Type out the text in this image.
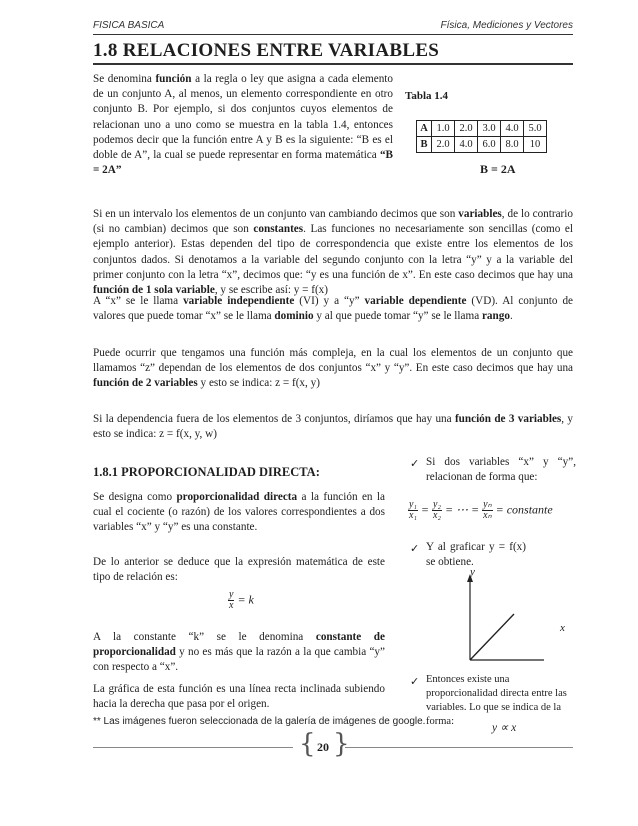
FISICA BASICA	Física, Mediciones y Vectores
1.8 RELACIONES ENTRE VARIABLES
Se denomina función a la regla o ley que asigna a cada elemento de un conjunto A, al menos, un elemento correspondiente en otro conjunto B. Por ejemplo, si dos conjuntos cuyos elementos de relacionan uno a uno como se muestra en la tabla 1.4, entonces podemos decir que la función entre A y B es la siguiente: “B es el doble de A”, la cual se puede representar en forma matemática “B = 2A”
Tabla 1.4
A	1.0	2.0	3.0	4.0	5.0
B	2.0	4.0	6.0	8.0	10
B = 2A
Si en un intervalo los elementos de un conjunto van cambiando decimos que son variables, de lo contrario (si no cambian) decimos que son constantes. Las funciones no necesariamente son sencillas (como el ejemplo anterior). Estas dependen del tipo de correspondencia que existe entre los elementos de los conjuntos dados. Si denotamos a la variable del segundo conjunto con la letra “y” y a la variable del primer conjunto con la letra “x”, decimos que: “y es una función de x”. En este caso decimos que hay una función de 1 sola variable, y se escribe así: y = f(x)
A “x” se le llama variable independiente (VI) y a “y” variable dependiente (VD). Al conjunto de valores que puede tomar “x” se le llama dominio y al que puede tomar “y” se le llama rango.
Puede ocurrir que tengamos una función más compleja, en la cual los elementos de un conjunto que llamamos “z” dependan de los elementos de dos conjuntos “x” y “y”. En este caso decimos que hay una función de 2 variables y esto se indica: z = f(x, y)
Si la dependencia fuera de los elementos de 3 conjuntos, diríamos que hay una función de 3 variables, y esto se indica: z = f(x, y, w)
1.8.1 PROPORCIONALIDAD DIRECTA:
Se designa como proporcionalidad directa a la función en la cual el cociente (o razón) de los valores correspondientes a dos variables “x” y “y” es una constante.
De lo anterior se deduce que la expresión matemática de este tipo de relación es:
$\frac{y}{x} = k$
A la constante “k” se le denomina constante de proporcionalidad y no es más que la razón a la que cambia “y” con respecto a “x”.
La gráfica de esta función es una línea recta inclinada subiendo hacia la derecha que pasa por el origen.
✓ Si dos variables “x” y “y”, relacionan de forma que:
$\frac{\text{y₁}}{\text{x₁}} = \frac{\text{y₂}}{\text{x₂}}$ = ⋯ = $\frac{\text{yₙ}}{\text{xₙ}}$ = constante
✓ Y al graficar y = f(x) se obtiene.
y
x
✓ Entonces existe una proporcionalidad directa entre las variables. Lo que se indica de la forma:
y ∝ x
** Las imágenes fueron seleccionada de la galería de imágenes de google.
{ 20 }
